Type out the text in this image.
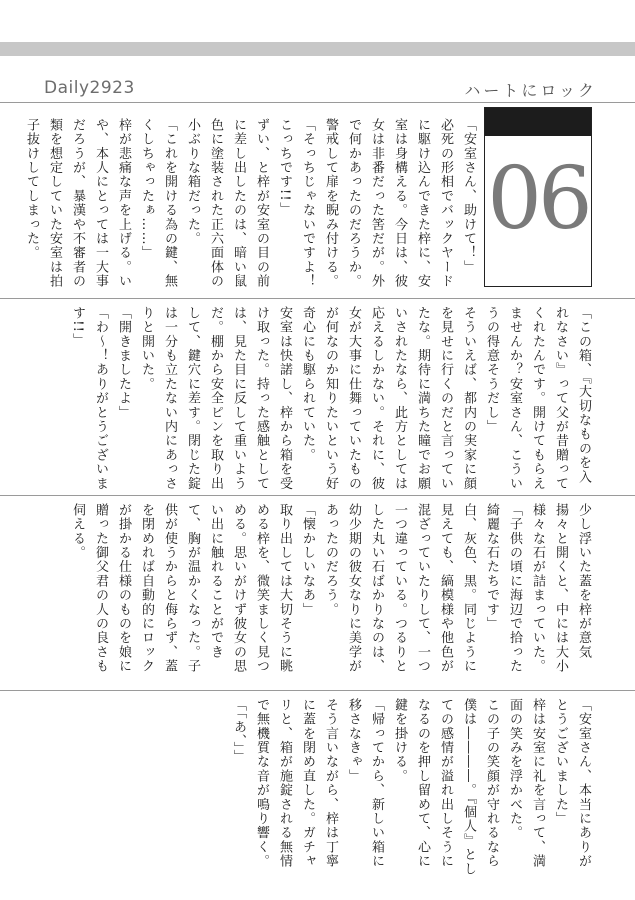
Daily2923	ハートにロック
06

「安室さん、助けて！」

必死の形相でバックヤードに駆け込んできた梓に、安室は身構える。今日は、彼女は非番だった筈だが。外で何かあったのだろうか。警戒して扉を睨み付ける。

「そっちじゃないですよ！こっちです!!」

ずい、と梓が安室の目の前に差し出したのは、暗い鼠色に塗装された正六面体の小ぶりな箱だった。

「これを開ける為の鍵、無くしちゃったぁ……」

梓が悲痛な声を上げる。いや、本人にとっては一大事だろうが、暴漢や不審者の類を想定していた安室は拍子抜けしてしまった。

「この箱、『大切なものを入れなさい』って父が昔贈ってくれたんです。開けてもらえませんか？安室さん、こういうの得意そうだし」

そういえば、都内の実家に顔を見せに行くのだと言っていたな。期待に満ちた瞳でお願いされたなら、此方としては応えるしかない。それに、彼女が大事に仕舞っていたものが何なのか知りたいという好奇心にも駆られていた。

安室は快諾し、梓から箱を受け取った。持った感触としては、見た目に反して重いようだ。棚から安全ピンを取り出して、鍵穴に差す。閉じた錠は一分も立たない内にあっさりと開いた。

「開きましたよ」

「わ〜！ありがとうございます!!」

少し浮いた蓋を梓が意気揚々と開くと、中には大小様々な石が詰まっていた。

「子供の頃に海辺で拾った綺麗な石たちです」

白、灰色、黒。同じように見えても、縞模様や他色が混ざっていたりして、一つ一つ違っている。つるりとした丸い石ばかりなのは、幼少期の彼女なりに美学があったのだろう。

「懐かしいなあ」

取り出しては大切そうに眺める梓を、微笑ましく見つめる。思いがけず彼女の思い出に触れることができて、胸が温かくなった。子供が使うからと侮らず、蓋を閉めれば自動的にロックが掛かる仕様のものを娘に贈った御父君の人の良さも伺える。

「安室さん、本当にありがとうございました」

梓は安室に礼を言って、満面の笑みを浮かべた。

この子の笑顔が守れるなら僕は――――。『個人』としての感情が溢れ出しそうになるのを押し留めて、心に鍵を掛ける。

「帰ってから、新しい箱に移さなきゃ」

そう言いながら、梓は丁寧に蓋を閉め直した。ガチャリと、箱が施錠される無情で無機質な音が鳴り響く。

「「あ、」」
